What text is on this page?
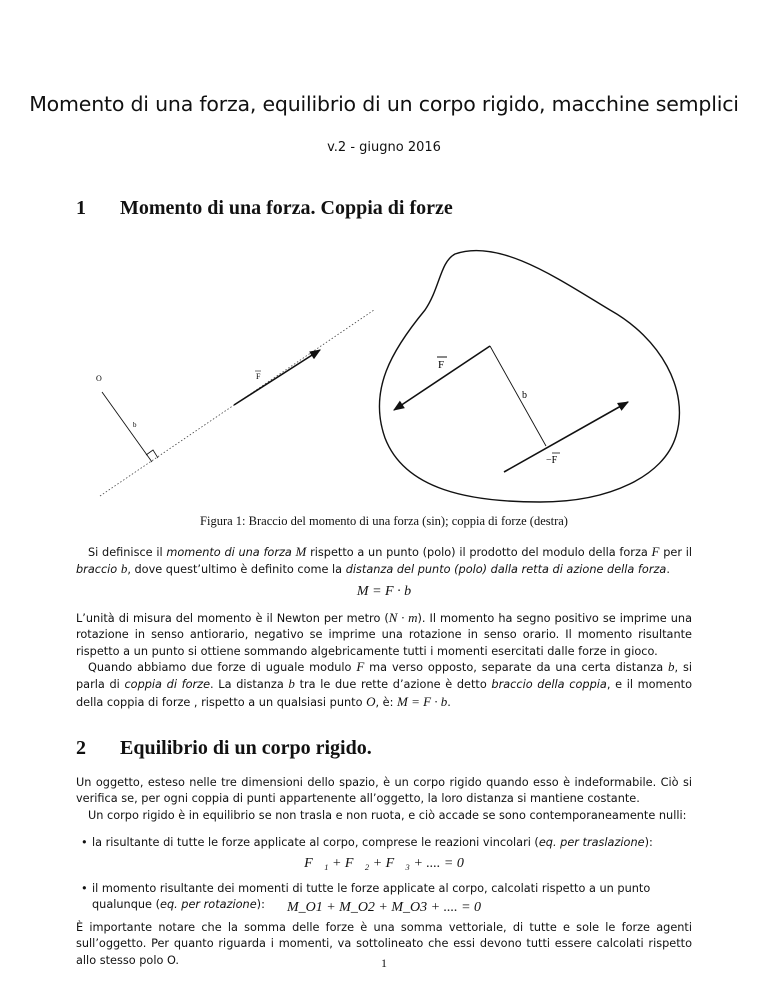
Momento di una forza, equilibrio di un corpo rigido, macchine semplici
v.2 - giugno 2016
1 Momento di una forza. Coppia di forze
O	F
b
F
b
−F
Figura 1: Braccio del momento di una forza (sin); coppia di forze (destra)
Si definisce il momento di una forza M rispetto a un punto (polo) il prodotto del modulo della forza F per il braccio b, dove quest’ultimo è definito come la distanza del punto (polo) dalla retta di azione della forza.
M = F · b
L’unità di misura del momento è il Newton per metro (N · m). Il momento ha segno positivo se imprime una rotazione in senso antiorario, negativo se imprime una rotazione in senso orario. Il momento risultante rispetto a un punto si ottiene sommando algebricamente tutti i momenti esercitati dalle forze in gioco.
Quando abbiamo due forze di uguale modulo F ma verso opposto, separate da una certa distanza b, si parla di coppia di forze. La distanza b tra le due rette d’azione è detto braccio della coppia, e il momento della coppia di forze , rispetto a un qualsiasi punto O, è: M = F · b.
2 Equilibrio di un corpo rigido.
Un oggetto, esteso nelle tre dimensioni dello spazio, è un corpo rigido quando esso è indeformabile. Ciò si verifica se, per ogni coppia di punti appartenente all’oggetto, la loro distanza si mantiene costante.
Un corpo rigido è in equilibrio se non trasla e non ruota, e ciò accade se sono contemporaneamente nulli:
• la risultante di tutte le forze applicate al corpo, comprese le reazioni vincolari (eq. per traslazione):
F⃗₁ + F⃗₂ + F⃗₃ + .... = 0
• il momento risultante dei momenti di tutte le forze applicate al corpo, calcolati rispetto a un punto qualunque (eq. per rotazione):	M_O1 + M_O2 + M_O3 + .... = 0
È importante notare che la somma delle forze è una somma vettoriale, di tutte e sole le forze agenti sull’oggetto. Per quanto riguarda i momenti, va sottolineato che essi devono tutti essere calcolati rispetto allo stesso polo O.	1
